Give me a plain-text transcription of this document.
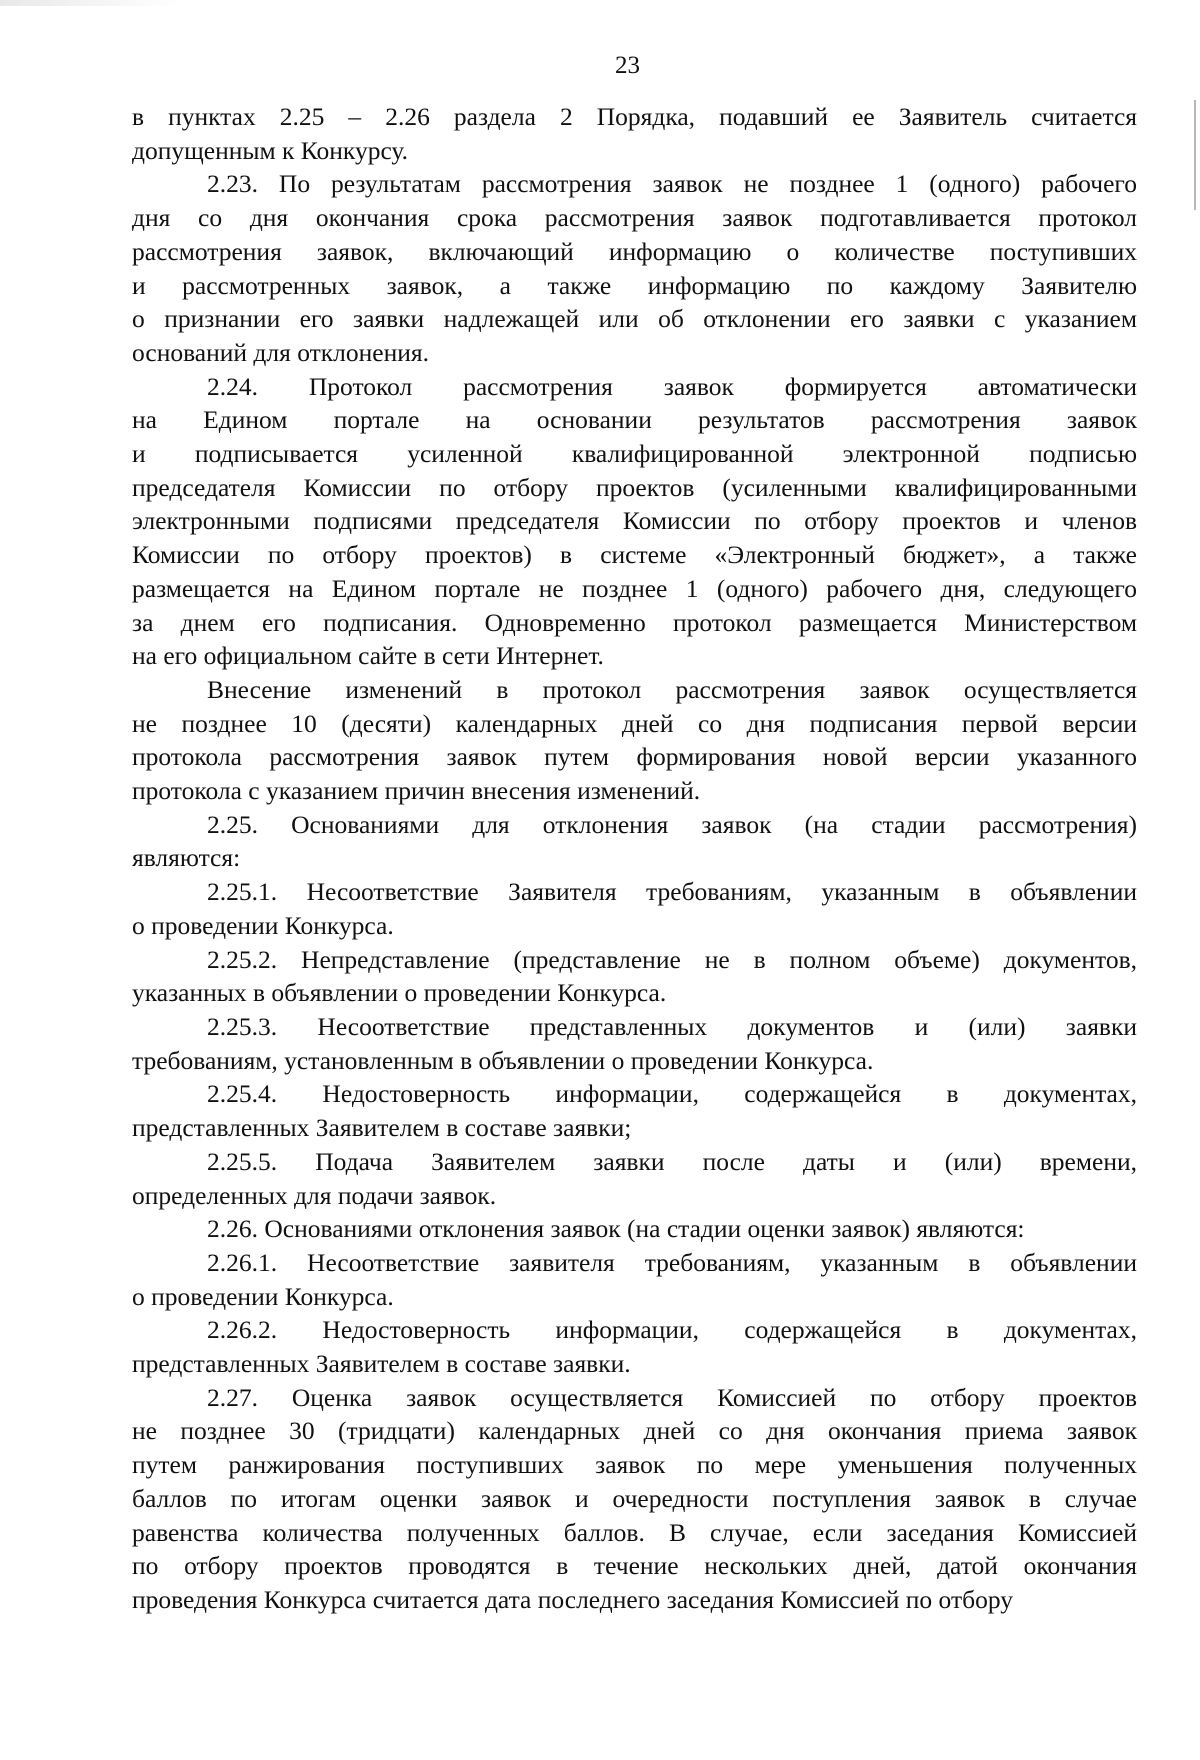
23

в пунктах 2.25 – 2.26 раздела 2 Порядка, подавший ее Заявитель считается
допущенным к Конкурсу.

2.23. По результатам рассмотрения заявок не позднее 1 (одного) рабочего
дня со дня окончания срока рассмотрения заявок подготавливается протокол
рассмотрения заявок, включающий информацию о количестве поступивших
и рассмотренных заявок, а также информацию по каждому Заявителю
о признании его заявки надлежащей или об отклонении его заявки с указанием
оснований для отклонения.

2.24. Протокол рассмотрения заявок формируется автоматически
на Едином портале на основании результатов рассмотрения заявок
и подписывается усиленной квалифицированной электронной подписью
председателя Комиссии по отбору проектов (усиленными квалифицированными
электронными подписями председателя Комиссии по отбору проектов и членов
Комиссии по отбору проектов) в системе «Электронный бюджет», а также
размещается на Едином портале не позднее 1 (одного) рабочего дня, следующего
за днем его подписания. Одновременно протокол размещается Министерством
на его официальном сайте в сети Интернет.

Внесение изменений в протокол рассмотрения заявок осуществляется
не позднее 10 (десяти) календарных дней со дня подписания первой версии
протокола рассмотрения заявок путем формирования новой версии указанного
протокола с указанием причин внесения изменений.

2.25. Основаниями для отклонения заявок (на стадии рассмотрения)
являются:

2.25.1. Несоответствие Заявителя требованиям, указанным в объявлении
о проведении Конкурса.

2.25.2. Непредставление (представление не в полном объеме) документов,
указанных в объявлении о проведении Конкурса.

2.25.3. Несоответствие представленных документов и (или) заявки
требованиям, установленным в объявлении о проведении Конкурса.

2.25.4. Недостоверность информации, содержащейся в документах,
представленных Заявителем в составе заявки;

2.25.5. Подача Заявителем заявки после даты и (или) времени,
определенных для подачи заявок.

2.26. Основаниями отклонения заявок (на стадии оценки заявок) являются:

2.26.1. Несоответствие заявителя требованиям, указанным в объявлении
о проведении Конкурса.

2.26.2. Недостоверность информации, содержащейся в документах,
представленных Заявителем в составе заявки.

2.27. Оценка заявок осуществляется Комиссией по отбору проектов
не позднее 30 (тридцати) календарных дней со дня окончания приема заявок
путем ранжирования поступивших заявок по мере уменьшения полученных
баллов по итогам оценки заявок и очередности поступления заявок в случае
равенства количества полученных баллов. В случае, если заседания Комиссией
по отбору проектов проводятся в течение нескольких дней, датой окончания
проведения Конкурса считается дата последнего заседания Комиссией по отбору
